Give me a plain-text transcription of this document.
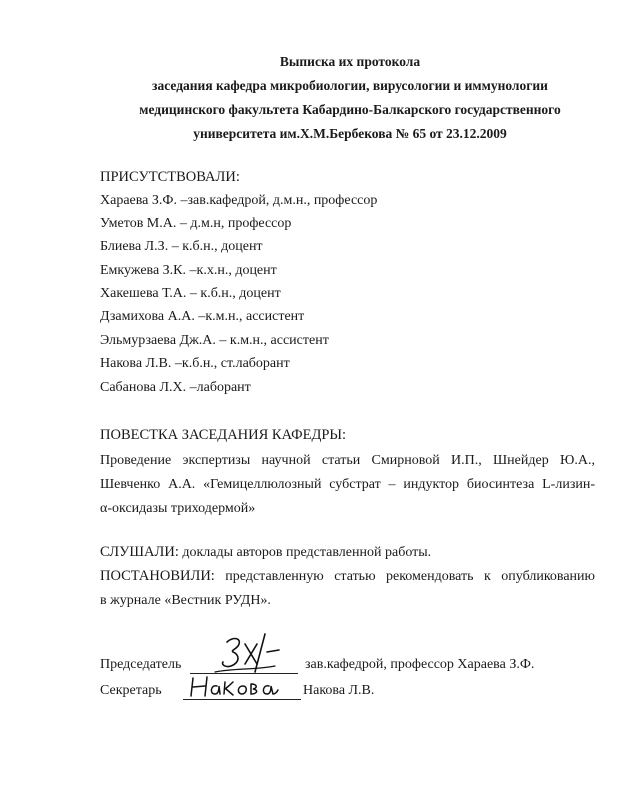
Выписка их протокола
заседания кафедра микробиологии, вирусологии и иммунологии
медицинского факультета Кабардино-Балкарского государственного
университета им.Х.М.Бербекова № 65 от 23.12.2009
ПРИСУТСТВОВАЛИ:
Хараева З.Ф. –зав.кафедрой, д.м.н., профессор
Уметов М.А. – д.м.н, профессор
Блиева Л.З. – к.б.н., доцент
Емкужева З.К. –к.х.н., доцент
Хакешева Т.А. – к.б.н., доцент
Дзамихова А.А. –к.м.н., ассистент
Эльмурзаева Дж.А. – к.м.н., ассистент
Накова Л.В. –к.б.н., ст.лаборант
Сабанова Л.Х. –лаборант
ПОВЕСТКА ЗАСЕДАНИЯ КАФЕДРЫ:
Проведение экспертизы научной статьи Смирновой И.П., Шнейдер Ю.А.,
Шевченко А.А. «Гемицеллюлозный субстрат – индуктор биосинтеза L-лизин-
α-оксидазы триходермой»
СЛУШАЛИ: доклады авторов представленной работы.
ПОСТАНОВИЛИ: представленную статью рекомендовать к опубликованию
в журнале «Вестник РУДН».
Председатель	зав.кафедрой, профессор Хараева З.Ф.
Секретарь	Накова Л.В.
